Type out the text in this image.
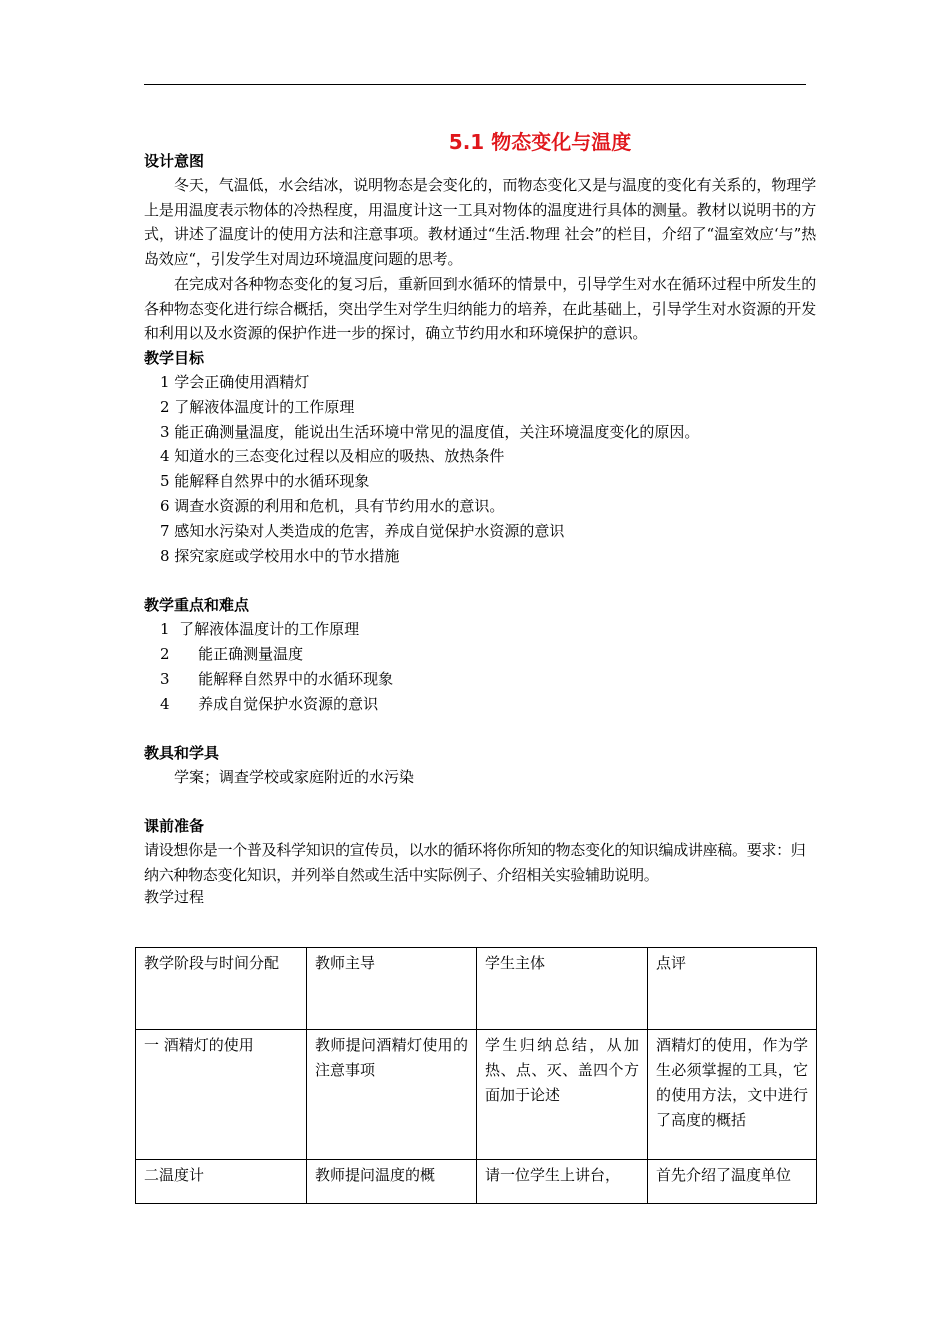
5.1 物态变化与温度
设计意图

冬天，气温低，水会结冰，说明物态是会变化的，而物态变化又是与温度的变化有关系的，物理学上是用温度表示物体的冷热程度，用温度计这一工具对物体的温度进行具体的测量。教材以说明书的方式，讲述了温度计的使用方法和注意事项。教材通过“生活.物理 社会”的栏目，介绍了“温室效应‘与”热岛效应“，引发学生对周边环境温度问题的思考。

在完成对各种物态变化的复习后，重新回到水循环的情景中，引导学生对水在循环过程中所发生的各种物态变化进行综合概括，突出学生对学生归纳能力的培养，在此基础上，引导学生对水资源的开发和利用以及水资源的保护作进一步的探讨，确立节约用水和环境保护的意识。

教学目标
1 学会正确使用酒精灯
2 了解液体温度计的工作原理
3 能正确测量温度，能说出生活环境中常见的温度值，关注环境温度变化的原因。
4 知道水的三态变化过程以及相应的吸热、放热条件
5 能解释自然界中的水循环现象
6 调查水资源的利用和危机，具有节约用水的意识。
7 感知水污染对人类造成的危害，养成自觉保护水资源的意识
8 探究家庭或学校用水中的节水措施
教学重点和难点
1  了解液体温度计的工作原理
2      能正确测量温度
3      能解释自然界中的水循环现象
4      养成自觉保护水资源的意识
教具和学具
学案；调查学校或家庭附近的水污染
课前准备

请设想你是一个普及科学知识的宣传员，以水的循环将你所知的物态变化的知识编成讲座稿。要求：归纳六种物态变化知识，并列举自然或生活中实际例子、介绍相关实验辅助说明。

教学过程
教学阶段与时间分配	教师主导	学生主体	点评
一 酒精灯的使用	教师提问酒精灯使用的注意事项	学生归纳总结，从加热、点、灭、盖四个方面加于论述	酒精灯的使用，作为学生必须掌握的工具，它的使用方法，文中进行了高度的概括
二温度计	教师提问温度的概	请一位学生上讲台，	首先介绍了温度单位
